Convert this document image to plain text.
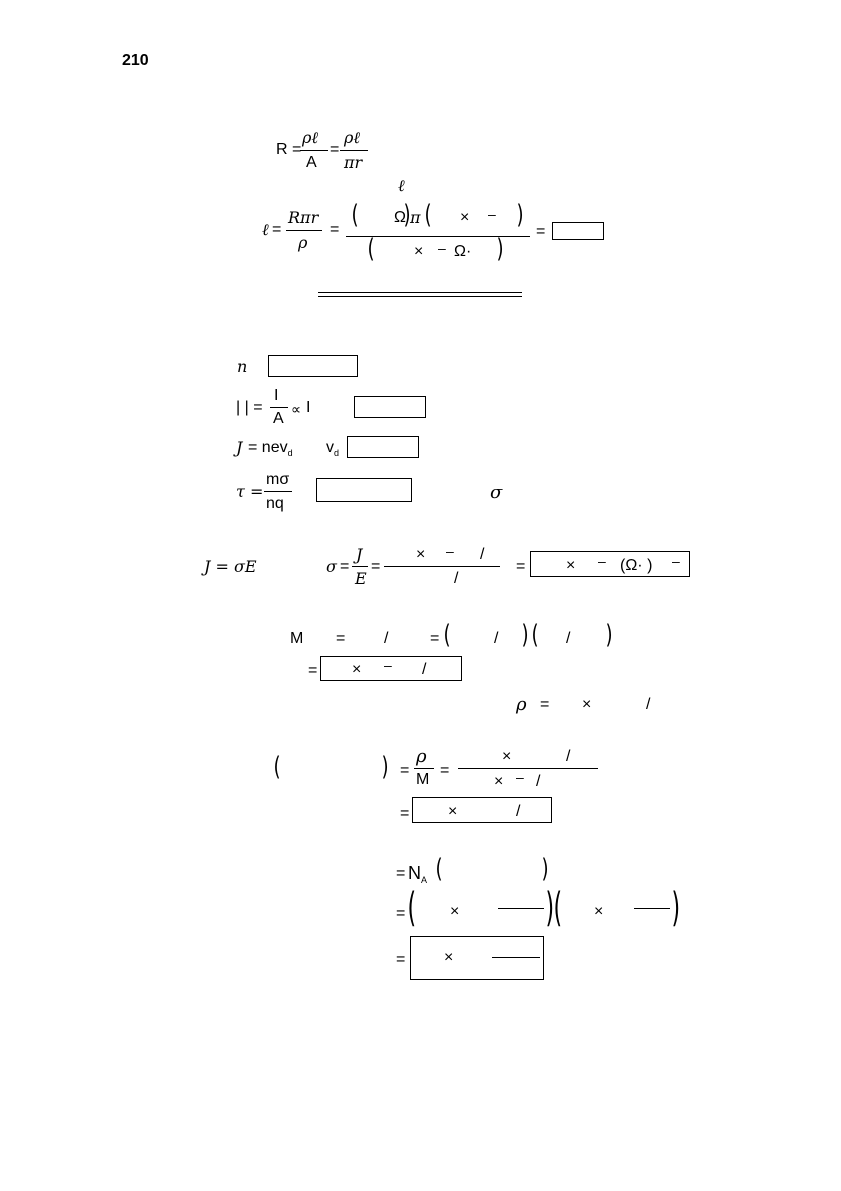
210
R =
ρℓ
A
=
ρℓ
πr
ℓ
ℓ =
Rπr
ρ
= ( )
Ω π ( × – )
( × – Ω· )
=
n
| | =
I
A
∝ I
J = nev$_d$ $v_d$
τ =
mσ
nq
σ
J = σE	σ =
J
E
=
× – /
/
=	× – (Ω· ) –
M = /	= (	/ ) ( / )
= × – /
ρ = ×	/
(	) =
ρ
M
=
×	/
× – /
= ×	/
= $N_A$ (	)
= ( × ) ( × )
= ×
